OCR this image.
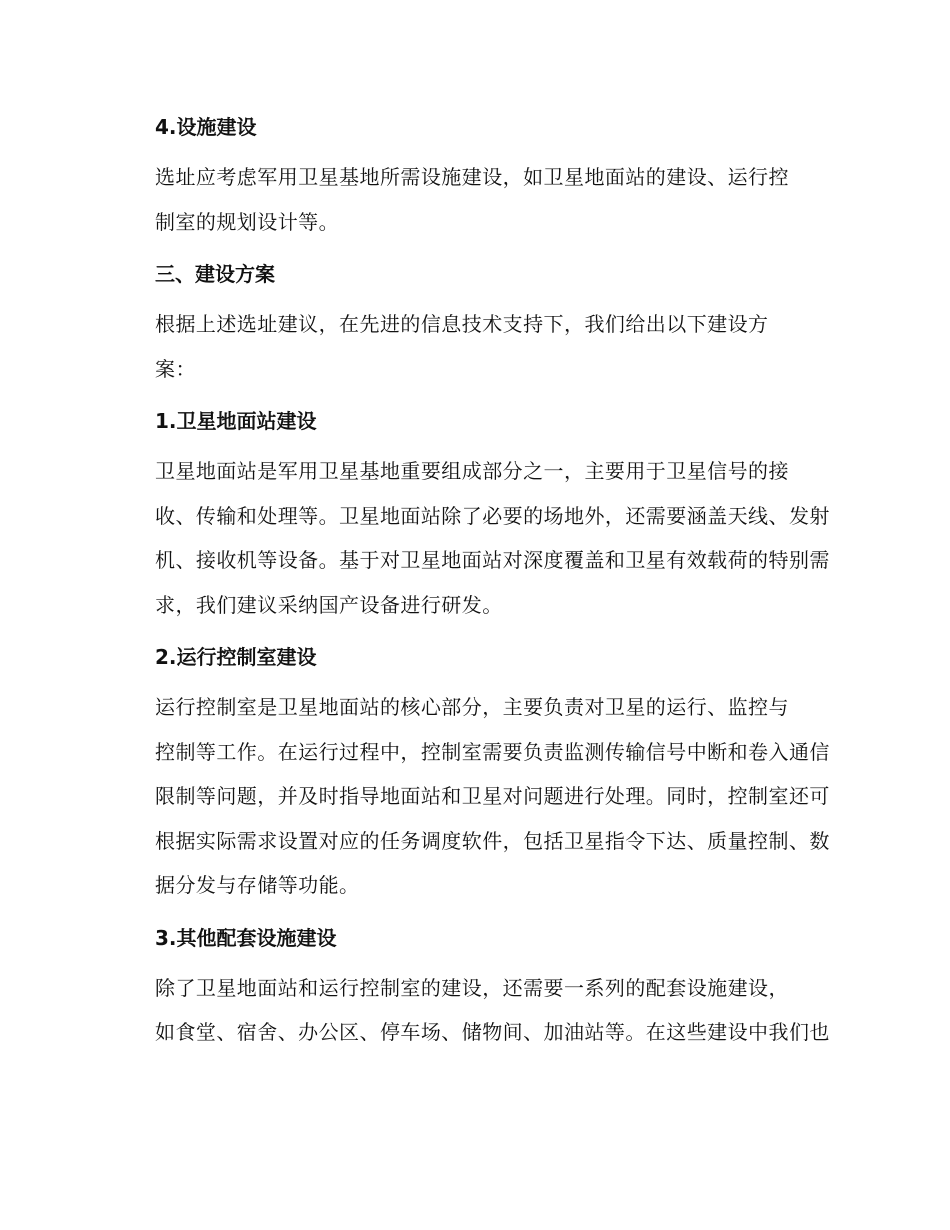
4.设施建设

选址应考虑军用卫星基地所需设施建设，如卫星地面站的建设、运行控
制室的规划设计等。

三、建设方案

根据上述选址建议，在先进的信息技术支持下，我们给出以下建设方
案：

1.卫星地面站建设

卫星地面站是军用卫星基地重要组成部分之一，主要用于卫星信号的接
收、传输和处理等。卫星地面站除了必要的场地外，还需要涵盖天线、发射
机、接收机等设备。基于对卫星地面站对深度覆盖和卫星有效载荷的特别需
求，我们建议采纳国产设备进行研发。

2.运行控制室建设

运行控制室是卫星地面站的核心部分，主要负责对卫星的运行、监控与
控制等工作。在运行过程中，控制室需要负责监测传输信号中断和卷入通信
限制等问题，并及时指导地面站和卫星对问题进行处理。同时，控制室还可
根据实际需求设置对应的任务调度软件，包括卫星指令下达、质量控制、数
据分发与存储等功能。

3.其他配套设施建设

除了卫星地面站和运行控制室的建设，还需要一系列的配套设施建设，
如食堂、宿舍、办公区、停车场、储物间、加油站等。在这些建设中我们也
